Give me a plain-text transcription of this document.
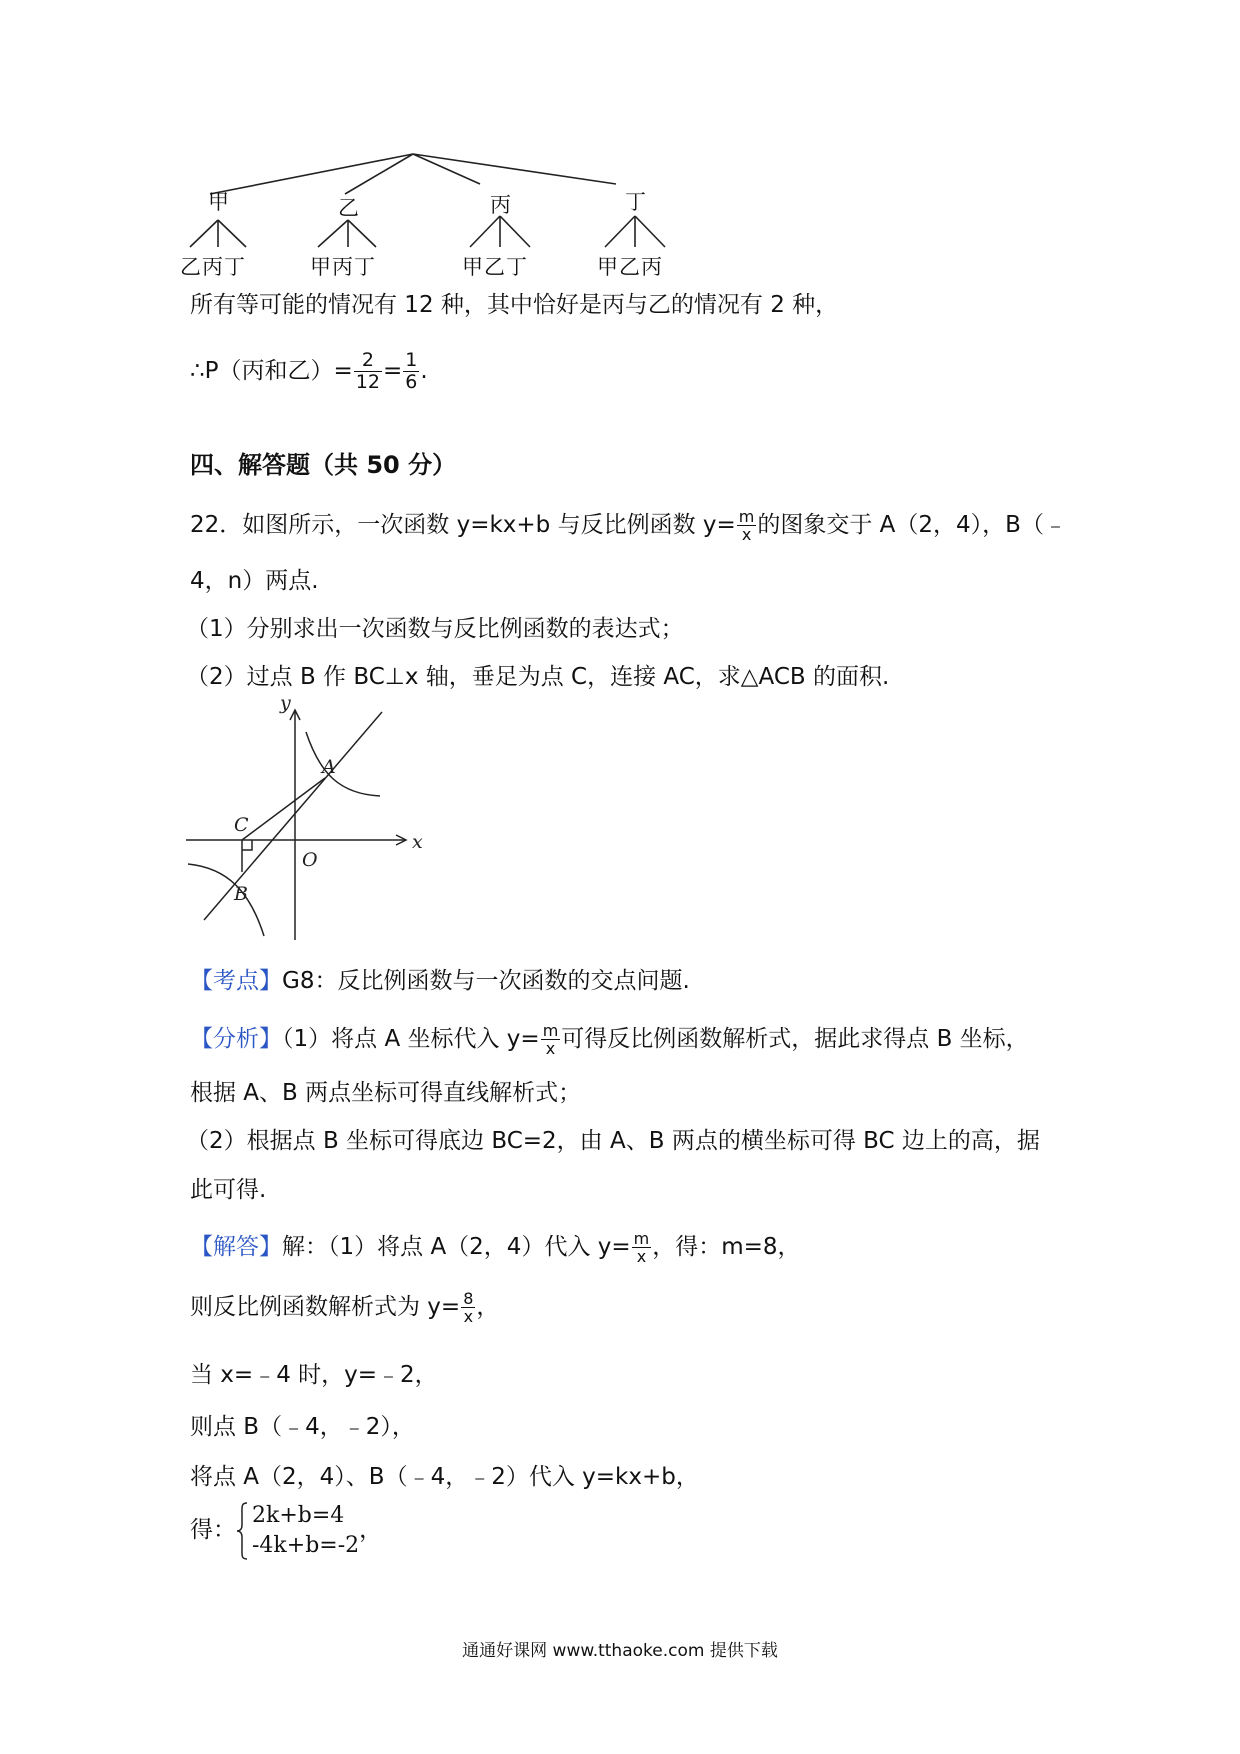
甲	乙	丙	丁
乙丙丁	甲丙丁	甲乙丁	甲乙丙
所有等可能的情况有 12 种，其中恰好是丙与乙的情况有 2 种，
∴P（丙和乙）= $\frac{2}{12} = \frac{1}{6}$ .
四、解答题（共 50 分）
22．如图所示，一次函数 y=kx+b 与反比例函数 $y= \frac{m}{x}$ 的图象交于 A（2，4），B（﹣
4，n）两点.
（1）分别求出一次函数与反比例函数的表达式；
（2）过点 B 作 BC⊥x 轴，垂足为点 C，连接 AC，求△ACB 的面积.
y
x
A
B
C
O
【考点】G8：反比例函数与一次函数的交点问题.
【分析】（1）将点 A 坐标代入 $y= \frac{m}{x}$ 可得反比例函数解析式，据此求得点 B 坐标，
根据 A、B 两点坐标可得直线解析式；
（2）根据点 B 坐标可得底边 BC=2，由 A、B 两点的横坐标可得 BC 边上的高，据
此可得.
【解答】解：（1）将点 A（2，4）代入 $y= \frac{m}{x}$ ，得：m=8，
则反比例函数解析式为 $y= \frac{8}{x}$ ，
当 x=﹣4 时，y=﹣2，
则点 B（﹣4，﹣2），
将点 A（2，4）、B（﹣4，﹣2）代入 y=kx+b，
得：
2k+b=4
-4k+b=-2
，
通通好课网 www.tthaoke.com 提供下载
